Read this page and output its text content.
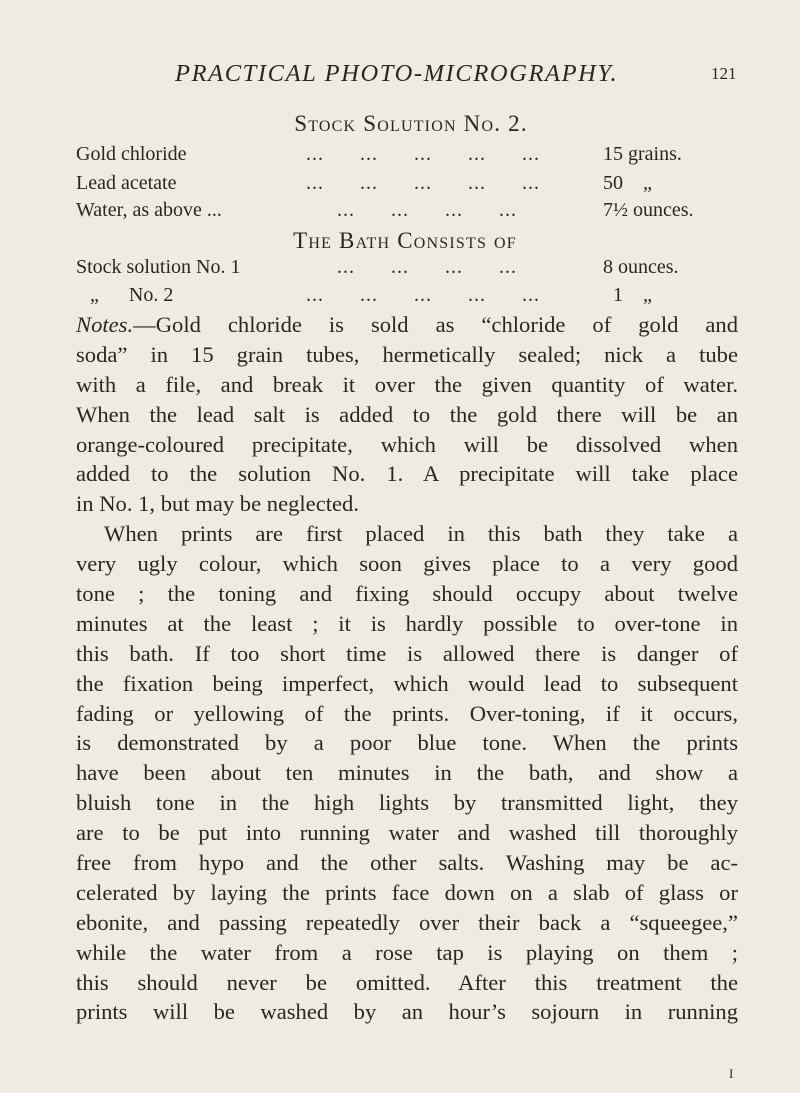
PRACTICAL PHOTO-MICROGRAPHY.	121
Stock Solution No. 2.
Gold chloride	...      ...      ...      ...      ...	15 grains.
Lead acetate	...      ...      ...      ...      ...	50    „
Water, as above ...	...      ...      ...      ...	7½ ounces.
The Bath Consists of
Stock solution No. 1	...      ...      ...      ...	8 ounces.
„      No. 2	...      ...      ...      ...      ...	1    „
Notes.—Gold chloride is sold as “chloride of gold and
soda” in 15 grain tubes, hermetically sealed; nick a tube
with a file, and break it over the given quantity of water.
When the lead salt is added to the gold there will be an
orange-coloured precipitate, which will be dissolved when
added to the solution No. 1. A precipitate will take place
in No. 1, but may be neglected.
When prints are first placed in this bath they take a
very ugly colour, which soon gives place to a very good
tone ; the toning and fixing should occupy about twelve
minutes at the least ; it is hardly possible to over-tone in
this bath. If too short time is allowed there is danger of
the fixation being imperfect, which would lead to subsequent
fading or yellowing of the prints. Over-toning, if it occurs,
is demonstrated by a poor blue tone. When the prints
have been about ten minutes in the bath, and show a
bluish tone in the high lights by transmitted light, they
are to be put into running water and washed till thoroughly
free from hypo and the other salts. Washing may be ac-
celerated by laying the prints face down on a slab of glass or
ebonite, and passing repeatedly over their back a “squeegee,”
while the water from a rose tap is playing on them ;
this should never be omitted. After this treatment the
prints will be washed by an hour’s sojourn in running
I
